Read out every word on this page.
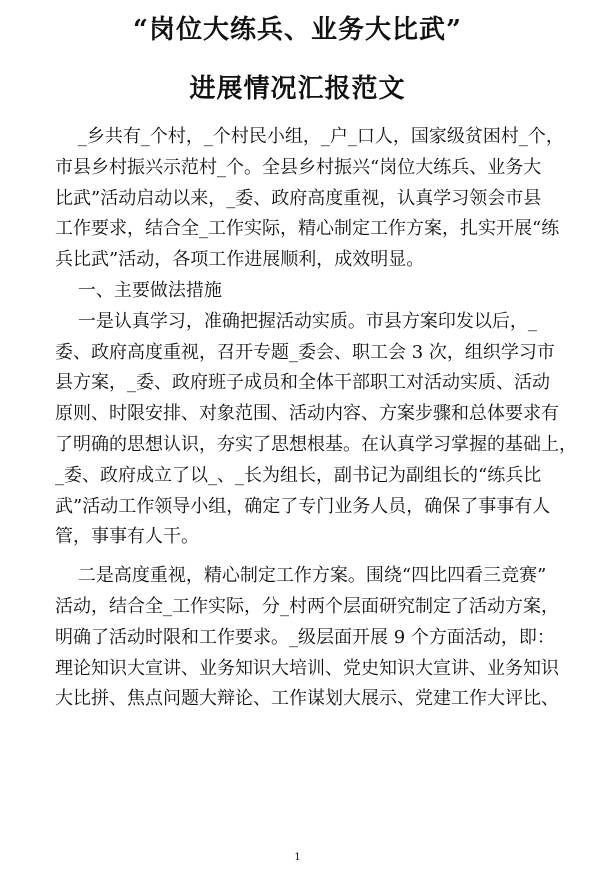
“岗位大练兵、业务大比武”
进展情况汇报范文
_乡共有_个村，_个村民小组，_户_口人，国家级贫困村_个，
市县乡村振兴示范村_个。全县乡村振兴“岗位大练兵、业务大
比武”活动启动以来，_委、政府高度重视，认真学习领会市县
工作要求，结合全_工作实际，精心制定工作方案，扎实开展“练
兵比武”活动，各项工作进展顺利，成效明显。
一、主要做法措施
一是认真学习，准确把握活动实质。市县方案印发以后，_
委、政府高度重视，召开专题_委会、职工会 3 次，组织学习市
县方案，_委、政府班子成员和全体干部职工对活动实质、活动
原则、时限安排、对象范围、活动内容、方案步骤和总体要求有
了明确的思想认识，夯实了思想根基。在认真学习掌握的基础上，
_委、政府成立了以_、_长为组长，副书记为副组长的“练兵比
武”活动工作领导小组，确定了专门业务人员，确保了事事有人
管，事事有人干。
二是高度重视，精心制定工作方案。围绕“四比四看三竞赛”
活动，结合全_工作实际，分_村两个层面研究制定了活动方案，
明确了活动时限和工作要求。_级层面开展 9 个方面活动，即：
理论知识大宣讲、业务知识大培训、党史知识大宣讲、业务知识
大比拼、焦点问题大辩论、工作谋划大展示、党建工作大评比、
1
